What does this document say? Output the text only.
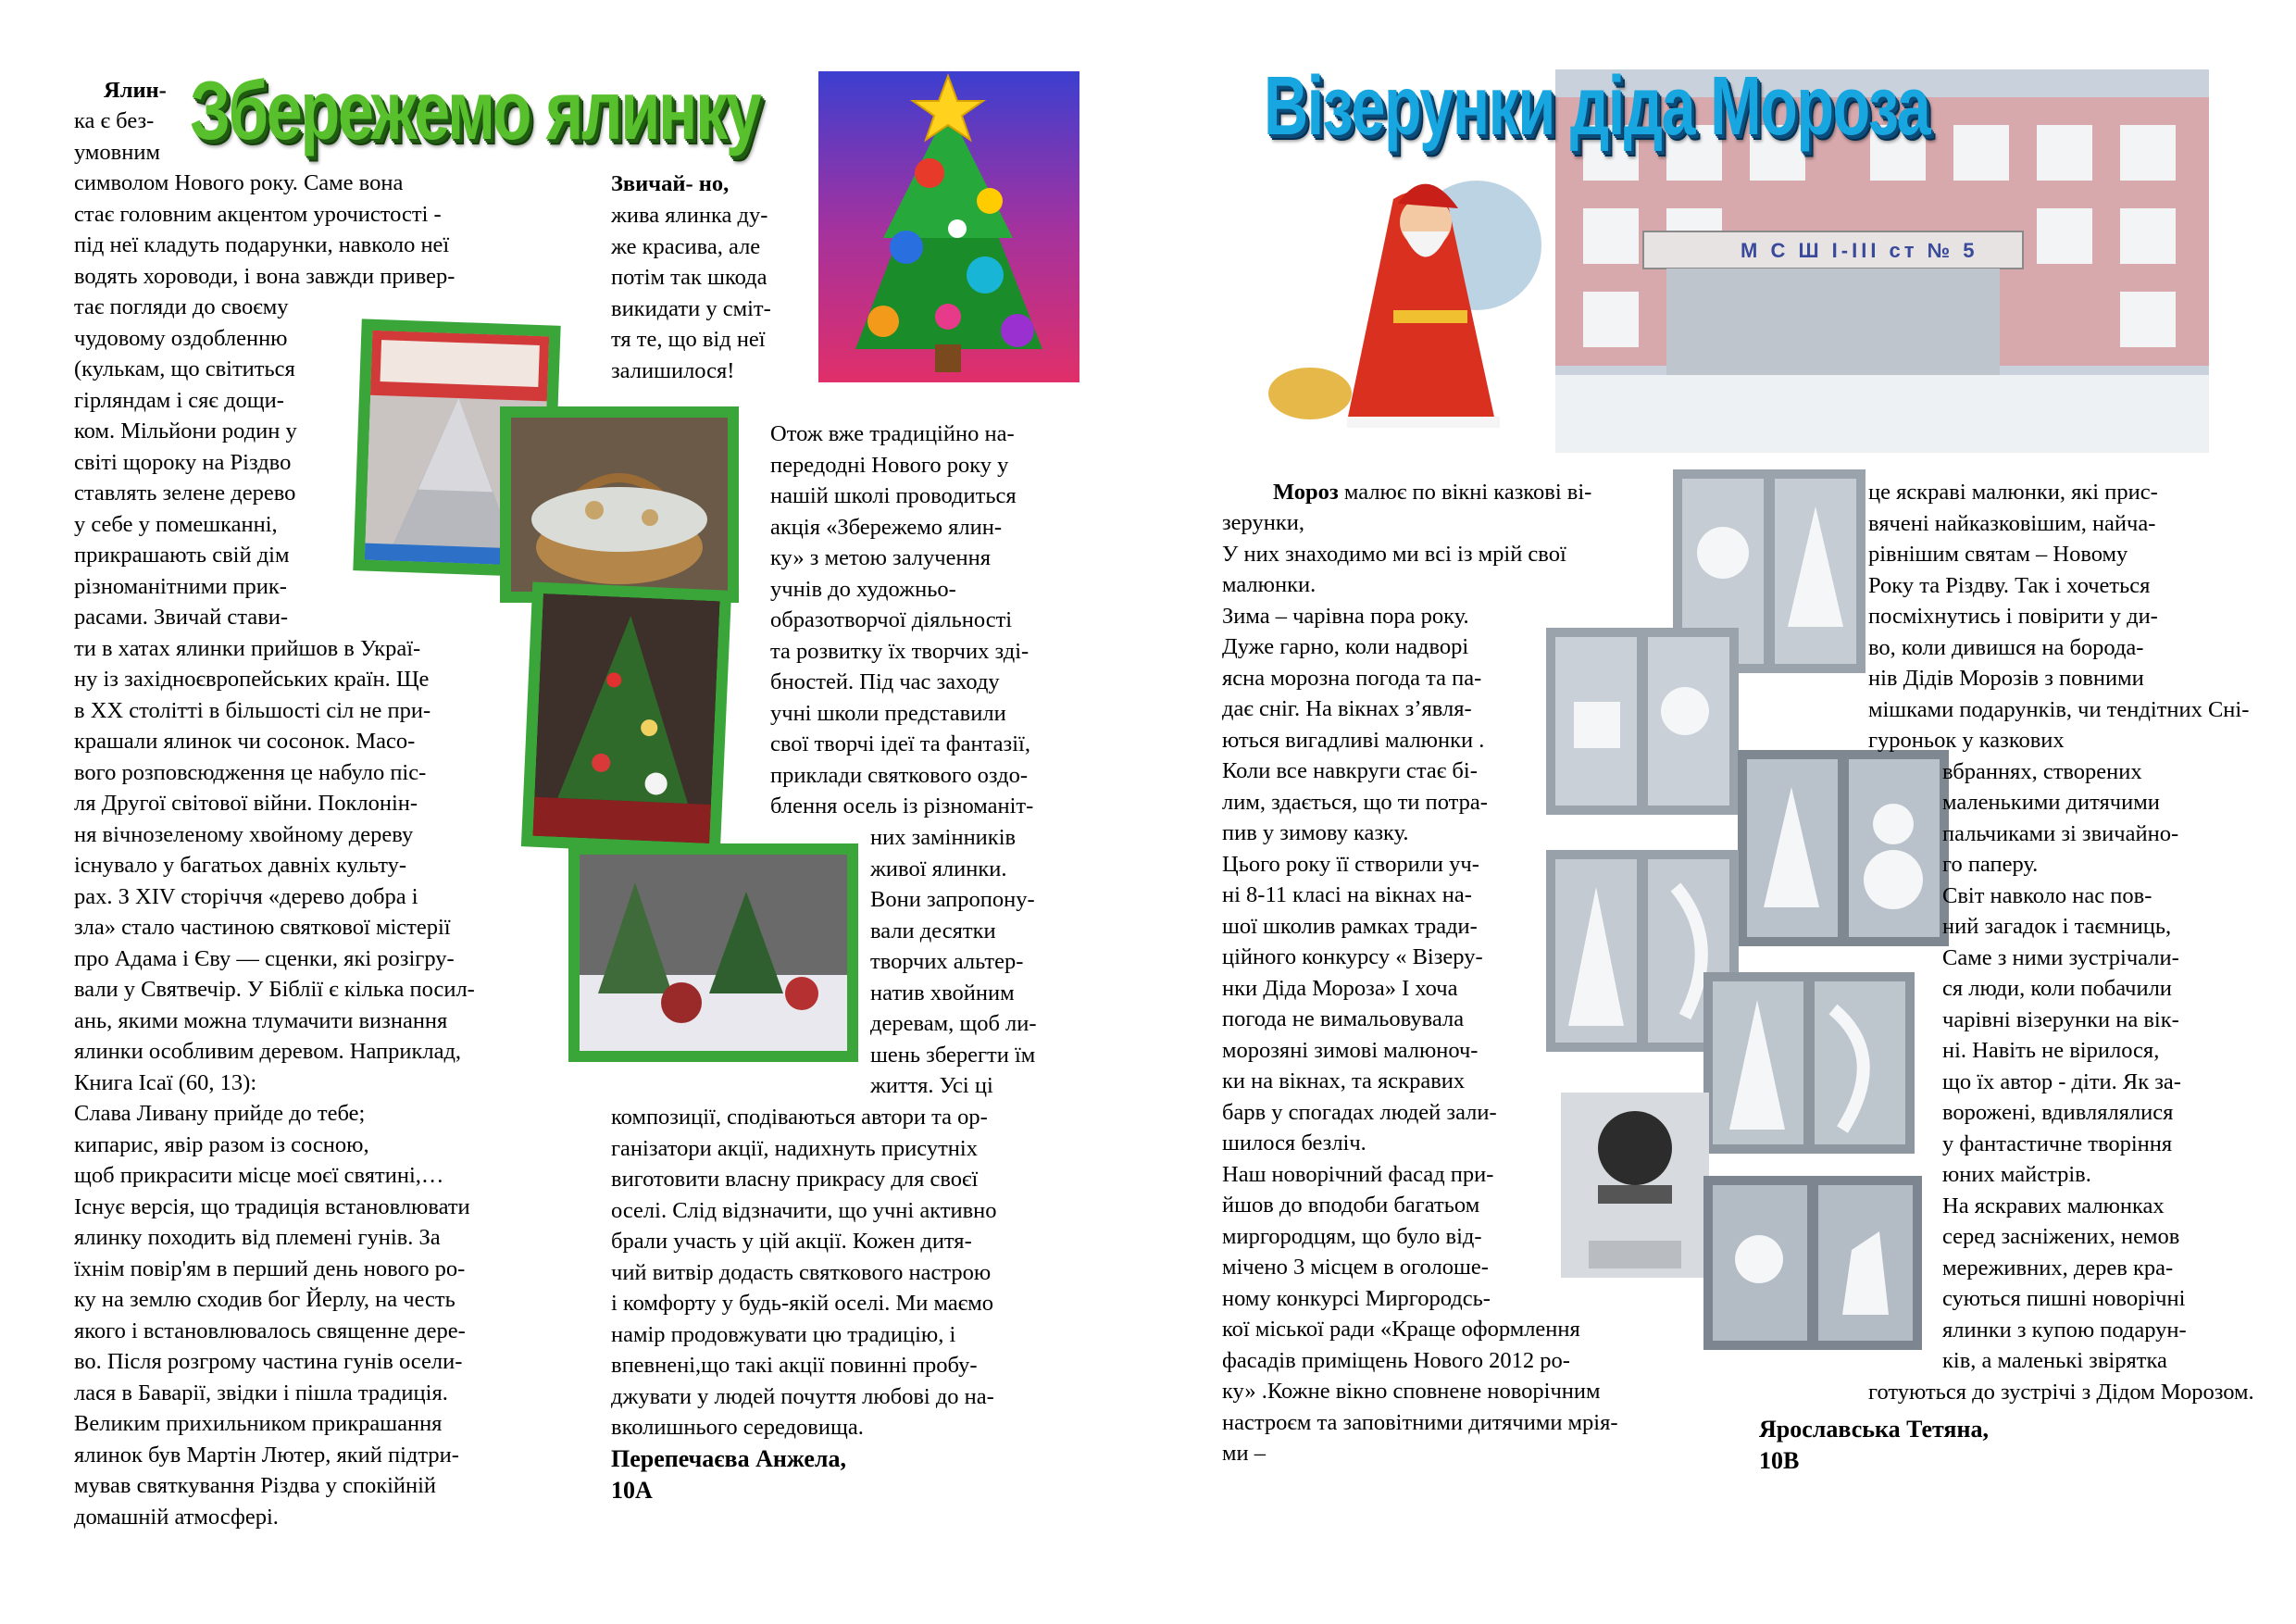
Збережемо ялинку
Ялин-
ка є без-
умовним
символом Нового року. Саме вона
стає головним акцентом урочистості -
під неї кладуть подарунки, навколо неї
водять хороводи, і вона завжди привер-
тає погляди до своєму
чудовому оздобленню
(кулькам, що світиться
гірляндам і сяє дощи-
ком. Мільйони родин у
світі щороку на Різдво
ставлять зелене дерево
у себе у помешканні,
прикрашають свій дім
різноманітними прик-
расами. Звичай стави-
ти в хатах ялинки прийшов в Украї-
ну із західноєвропейських країн. Ще
в XX столітті в більшості сіл не при-
крашали ялинок чи сосонок. Масо-
вого розповсюдження це набуло піс-
ля Другої світової війни. Поклонін-
ня вічнозеленому хвойному дереву
існувало у багатьох давніх культу-
рах. З XIV сторіччя «дерево добра і
зла» стало частиною святкової містерії
про Адама і Єву — сценки, які розігру-
вали у Святвечір. У Біблії є кілька посил-
ань, якими можна тлумачити визнання
ялинки особливим деревом. Наприклад,
Книга Ісаї (60, 13):
Слава Ливану прийде до тебе;
кипарис, явір разом із сосною,
щоб прикрасити місце моєї святині,…
Існує версія, що традиція встановлювати
ялинку походить від племені гунів. За
їхнім повір'ям в перший день нового ро-
ку на землю сходив бог Йерлу, на честь
якого і встановлювалось священне дере-
во. Після розгрому частина гунів осели-
лася в Баварії, звідки і пішла традиція.
Великим прихильником прикрашання
ялинок був Мартін Лютер, який підтри-
мував святкування Різдва у спокійній
домашній атмосфері.
Звичай- но,
жива ялинка ду-
же красива, але
потім так шкода
викидати у сміт-
тя те, що від неї
залишилося!
Отож вже традиційно на-
передодні Нового року у
нашій школі проводиться
акція «Збережемо ялин-
ку» з метою залучення
учнів до художньо-
образотворчої діяльності
та розвитку їх творчих зді-
бностей. Під час заходу
учні школи представили
свої творчі ідеї та фантазії,
приклади святкового оздо-
блення осель із різноманіт-
них замінників
живої ялинки.
Вони запропону-
вали десятки
творчих альтер-
натив хвойним
деревам, щоб ли-
шень зберегти їм
життя. Усі ці
композиції, сподіваються автори та ор-
ганізатори акції, надихнуть присутніх
виготовити власну прикрасу для своєї
оселі. Слід відзначити, що учні активно
брали участь у цій акції. Кожен дитя-
чий витвір додасть святкового настрою
і комфорту у будь-якій оселі. Ми маємо
намір продовжувати цю традицію, і
впевнені,що такі акції повинні пробу-
джувати у людей почуття любові до на-
вколишнього середовища.
Перепечаєва Анжела,
10А
М С Ш І-ІІІ ст № 5
Візерунки діда Мороза
Мороз малює по вікні казкові ві-
зерунки,
У них знаходимо ми всі із мрій свої
малюнки.
Зима – чарівна пора року.
Дуже гарно, коли надворі
ясна морозна погода та па-
дає сніг. На вікнах з’явля-
ються вигадливі малюнки .
Коли все навкруги стає бі-
лим, здається, що ти потра-
пив у зимову казку.
Цього року її створили уч-
ні 8-11 класі на вікнах на-
шої школив рамках тради-
ційного конкурсу « Візеру-
нки Діда Мороза» І хоча
погода не вимальовувала
морозяні зимові малюноч-
ки на вікнах, та яскравих
барв у спогадах людей зали-
шилося безліч.
Наш новорічний фасад при-
йшов до вподоби багатьом
миргородцям, що було від-
мічено 3 місцем в оголоше-
ному конкурсі Миргородсь-
кої міської ради «Краще оформлення
фасадів приміщень Нового 2012 ро-
ку» .Кожне вікно сповнене новорічним
настроєм та заповітними дитячими мрія-
ми –
це яскраві малюнки, які прис-
вячені найказковішим, найча-
рівнішим святам – Новому
Року та Різдву. Так і хочеться
посміхнутись і повірити у ди-
во, коли дивишся на борода-
нів Дідів Морозів з повними
мішками подарунків, чи тендітних Сні-
гуроньок у казкових
вбраннях, створених
маленькими дитячими
пальчиками зі звичайно-
го паперу.
Світ навколо нас пов-
ний загадок і таємниць,
Саме з ними зустрічали-
ся люди, коли побачили
чарівні візерунки на вік-
ні. Навіть не вірилося,
що їх автор - діти. Як за-
ворожені, вдивлялялися
у фантастичне творіння
юних майстрів.
На яскравих малюнках
серед засніжених, немов
мереживних, дерев кра-
суються пишні новорічні
ялинки з купою подарун-
ків, а маленькі звірятка
готуються до зустрічі з Дідом Морозом.
Ярославська Тетяна,
10В
